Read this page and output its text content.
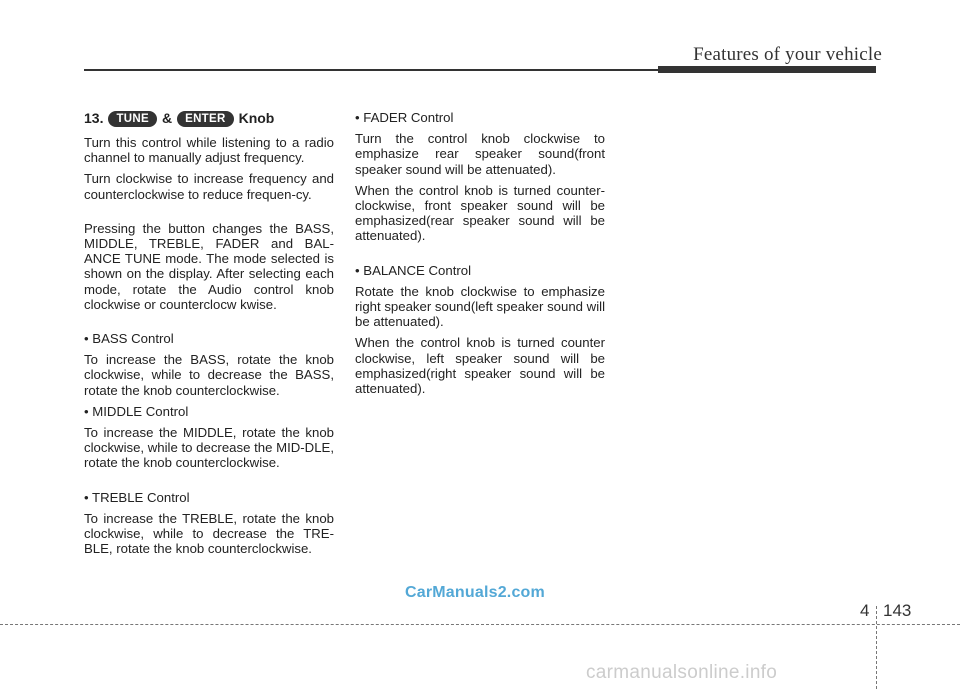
Features of your vehicle
13.	TUNE &	ENTER Knob

Turn this control while listening to a radio channel to manually adjust frequency.

Turn clockwise to increase frequency and counterclockwise to reduce frequen-cy.

Pressing the button changes the BASS, MIDDLE, TREBLE, FADER and BAL-ANCE TUNE mode. The mode selected is shown on the display. After selecting each mode, rotate the Audio control knob clockwise or counterclocw kwise.

• BASS Control

To increase the BASS, rotate the knob clockwise, while to decrease the BASS, rotate the knob counterclockwise.

• MIDDLE Control

To increase the MIDDLE, rotate the knob clockwise, while to decrease the MID-DLE, rotate the knob counterclockwise.

• TREBLE Control

To increase the TREBLE, rotate the knob clockwise, while to decrease the TRE-BLE, rotate the knob counterclockwise.

• FADER Control

Turn the control knob clockwise to emphasize rear speaker sound(front speaker sound will be attenuated).

When the control knob is turned counter-clockwise, front speaker sound will be emphasized(rear speaker sound will be attenuated).

• BALANCE Control

Rotate the knob clockwise to emphasize right speaker sound(left speaker sound will be attenuated).

When the control knob is turned counter clockwise, left speaker sound will be emphasized(right speaker sound will be attenuated).

CarManuals2.com
4 143
carmanualsonline.info
